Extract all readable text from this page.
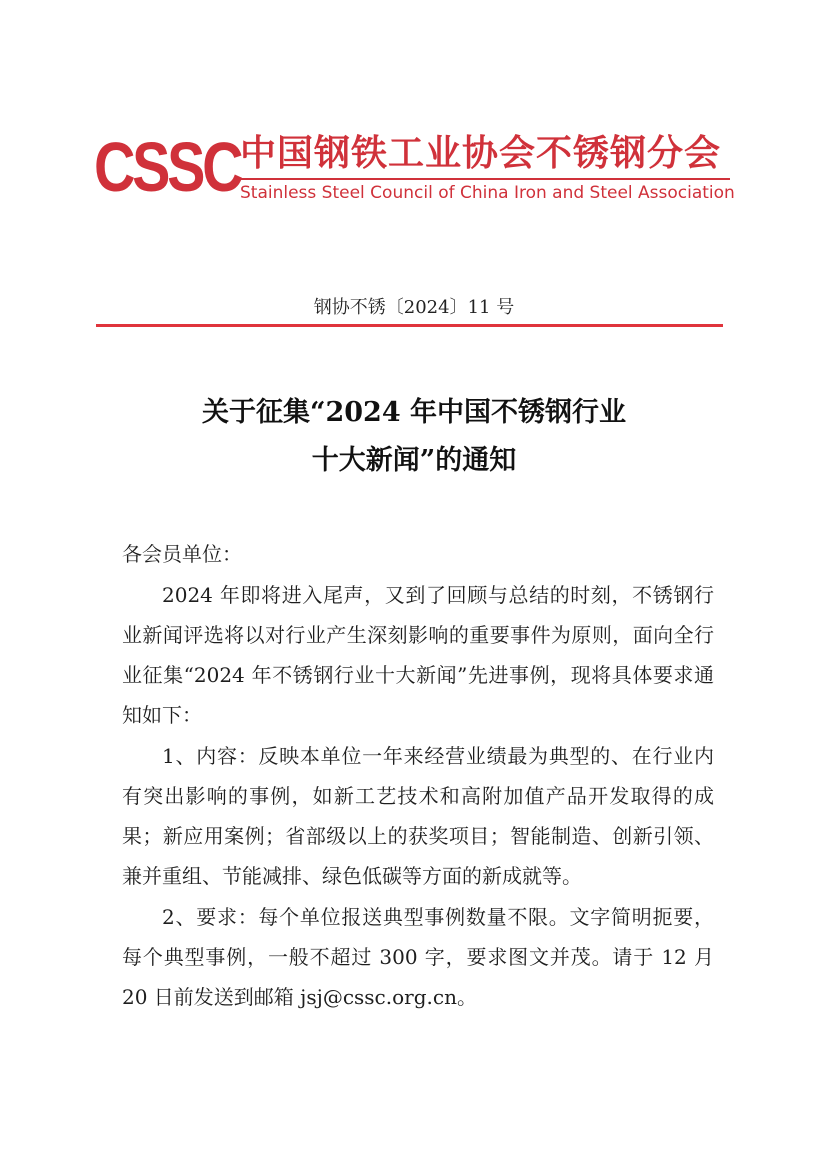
CSSC 中国钢铁工业协会不锈钢分会
Stainless Steel Council of China Iron and Steel Association
钢协不锈〔2024〕11 号
关于征集“2024 年中国不锈钢行业
十大新闻”的通知
各会员单位：
2024 年即将进入尾声，又到了回顾与总结的时刻，不锈钢行业新闻评选将以对行业产生深刻影响的重要事件为原则，面向全行业征集“2024 年不锈钢行业十大新闻”先进事例，现将具体要求通知如下：
1、内容：反映本单位一年来经营业绩最为典型的、在行业内有突出影响的事例，如新工艺技术和高附加值产品开发取得的成果；新应用案例；省部级以上的获奖项目；智能制造、创新引领、兼并重组、节能减排、绿色低碳等方面的新成就等。
2、要求：每个单位报送典型事例数量不限。文字简明扼要，每个典型事例，一般不超过 300 字，要求图文并茂。请于 12 月 20 日前发送到邮箱 jsj@cssc.org.cn。
